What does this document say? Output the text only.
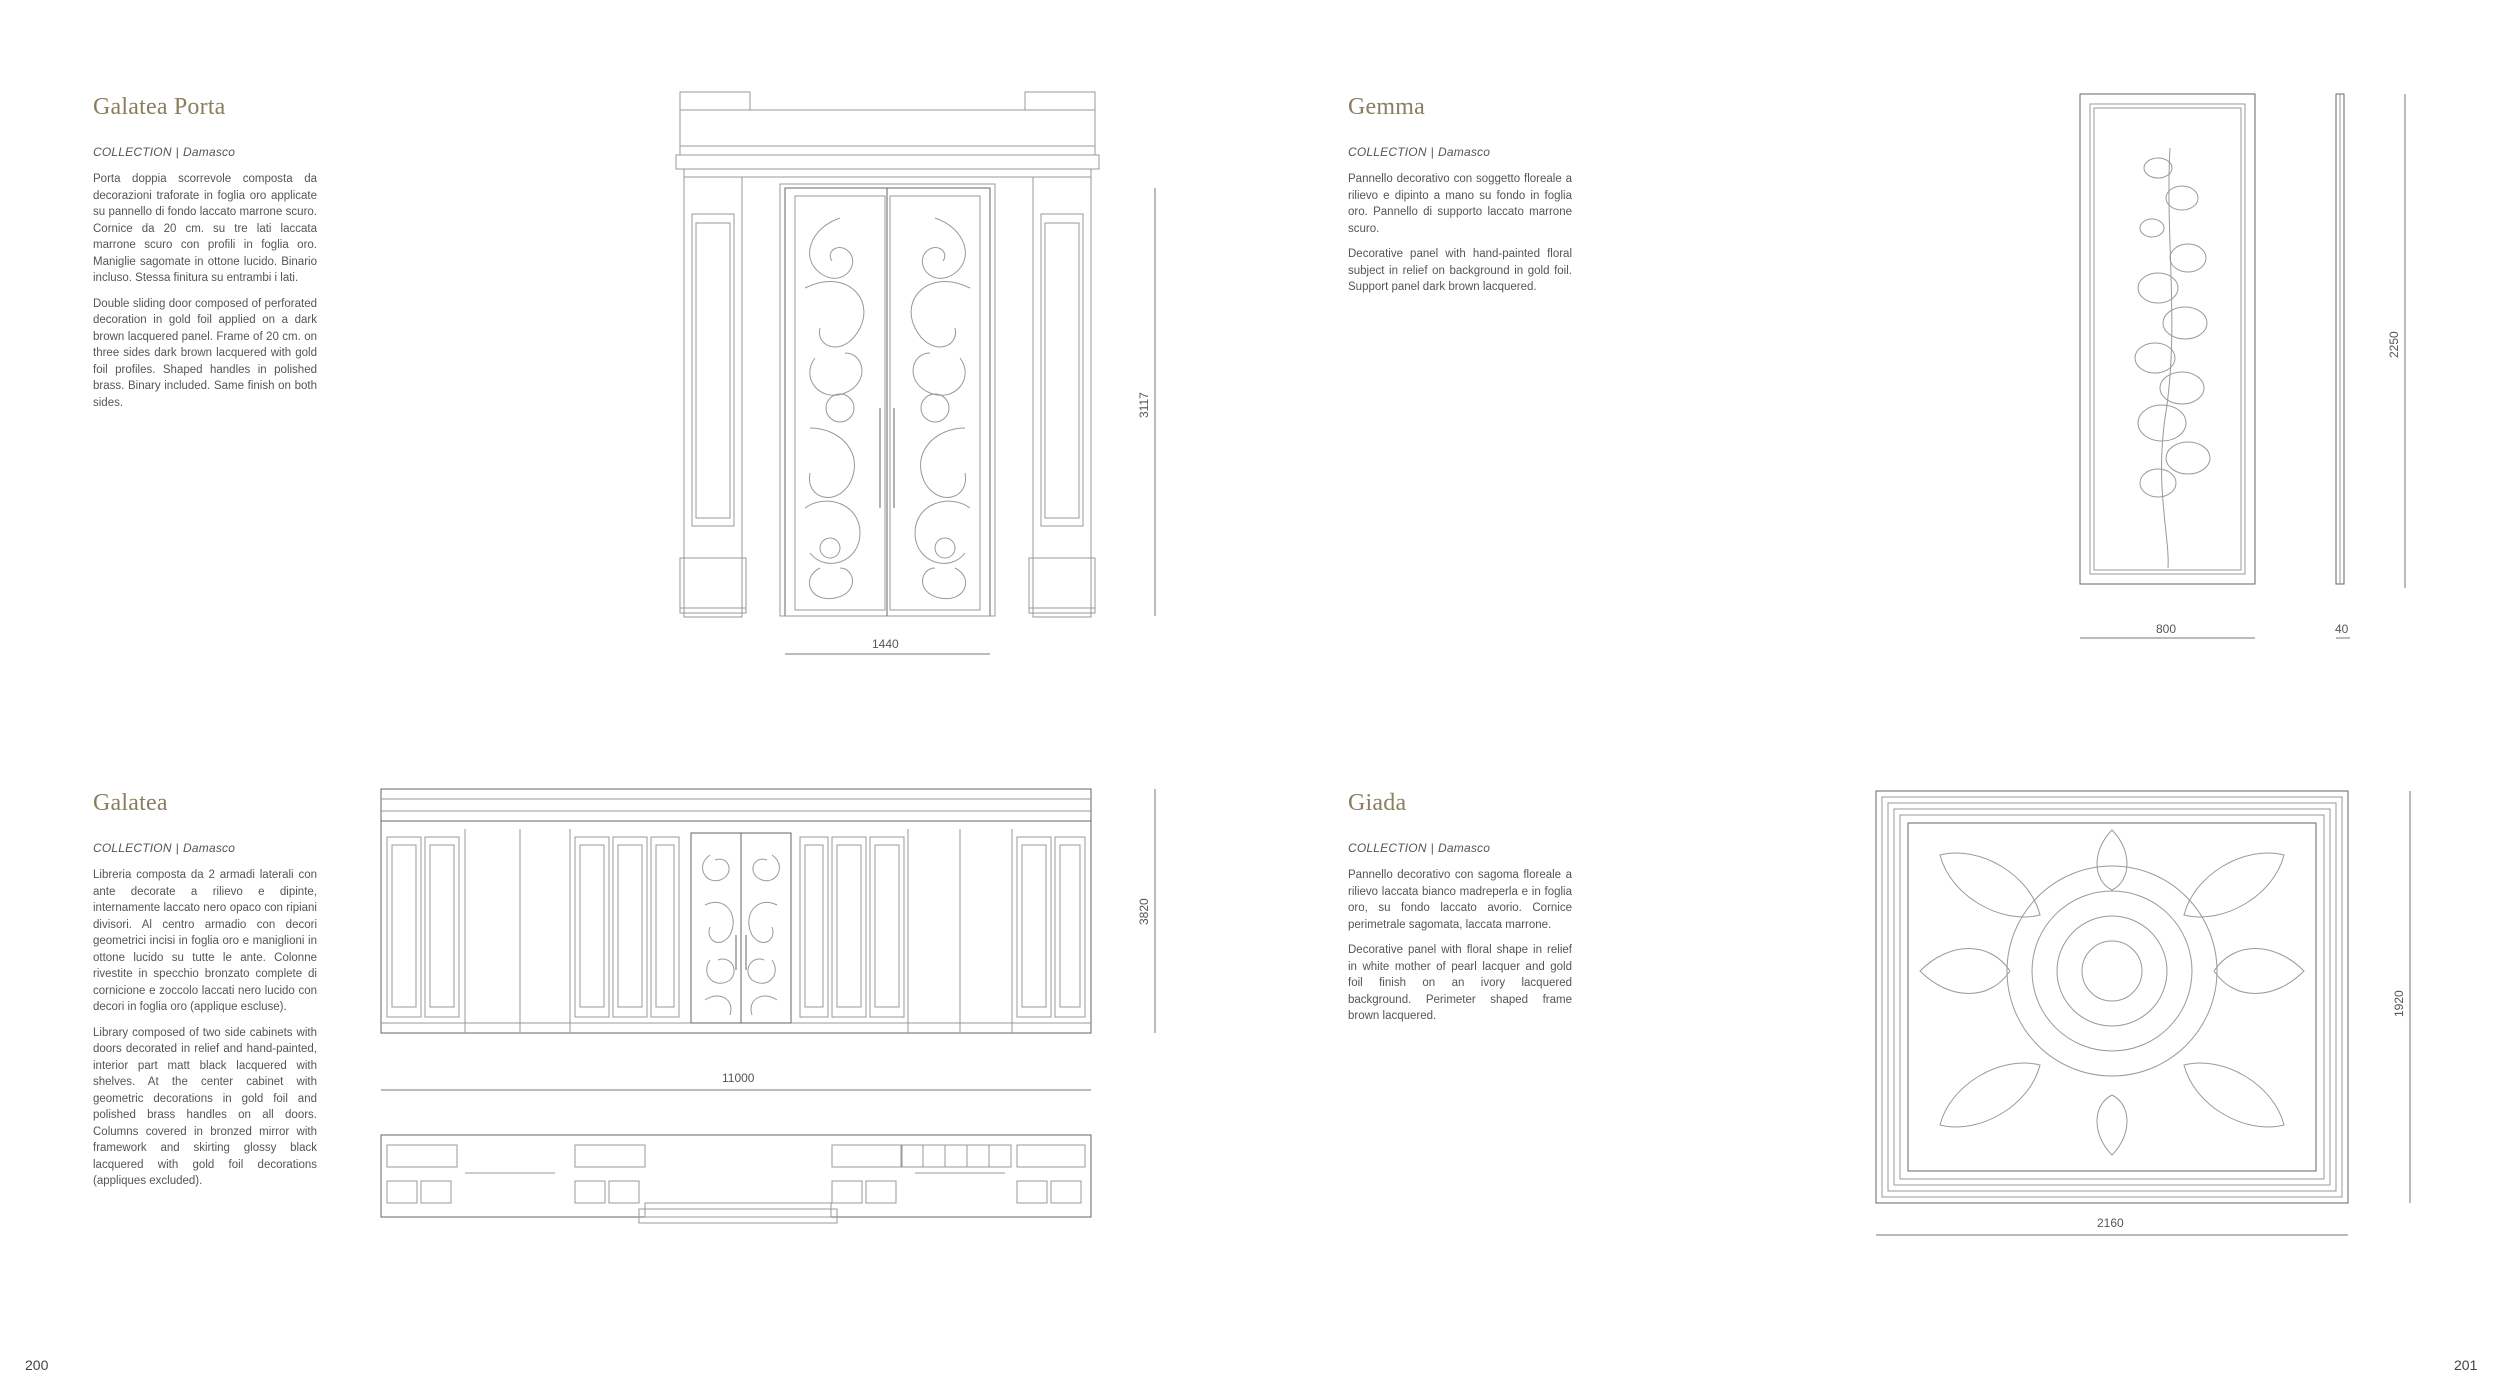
Galatea Porta
COLLECTION | Damasco

Porta doppia scorrevole composta da decorazioni traforate in foglia oro applicate su pannello di fondo laccato marrone scuro. Cornice da 20 cm. su tre lati laccata marrone scuro con profili in foglia oro. Maniglie sagomate in ottone lucido. Binario incluso. Stessa finitura su entrambi i lati.

Double sliding door composed of perforated decoration in gold foil applied on a dark brown lacquered panel. Frame of 20 cm. on three sides dark brown lacquered with gold foil profiles. Shaped handles in polished brass. Binary included. Same finish on both sides.

Gemma
COLLECTION | Damasco

Pannello decorativo con soggetto floreale a rilievo e dipinto a mano su fondo in foglia oro. Pannello di supporto laccato marrone scuro.

Decorative panel with hand-painted floral subject in relief on background in gold foil. Support panel dark brown lacquered.

Galatea
COLLECTION | Damasco

Libreria composta da 2 armadi laterali con ante decorate a rilievo e dipinte, internamente laccato nero opaco con ripiani divisori. Al centro armadio con decori geometrici incisi in foglia oro e maniglioni in ottone lucido su tutte le ante. Colonne rivestite in specchio bronzato complete di cornicione e zoccolo laccati nero lucido con decori in foglia oro (applique escluse).

Library composed of two side cabinets with doors decorated in relief and hand-painted, interior part matt black lacquered with shelves. At the center cabinet with geometric decorations in gold foil and polished brass handles on all doors. Columns covered in bronzed mirror with framework and skirting glossy black lacquered with gold foil decorations (appliques excluded).

Giada
COLLECTION | Damasco

Pannello decorativo con sagoma floreale a rilievo laccata bianco madreperla e in foglia oro, su fondo laccato avorio. Cornice perimetrale sagomata, laccata marrone.

Decorative panel with floral shape in relief in white mother of pearl lacquer and gold foil finish on an ivory lacquered background. Perimeter shaped frame brown lacquered.

3117
1440
2250
800	40
3820
11000
1920
2160
200	201
